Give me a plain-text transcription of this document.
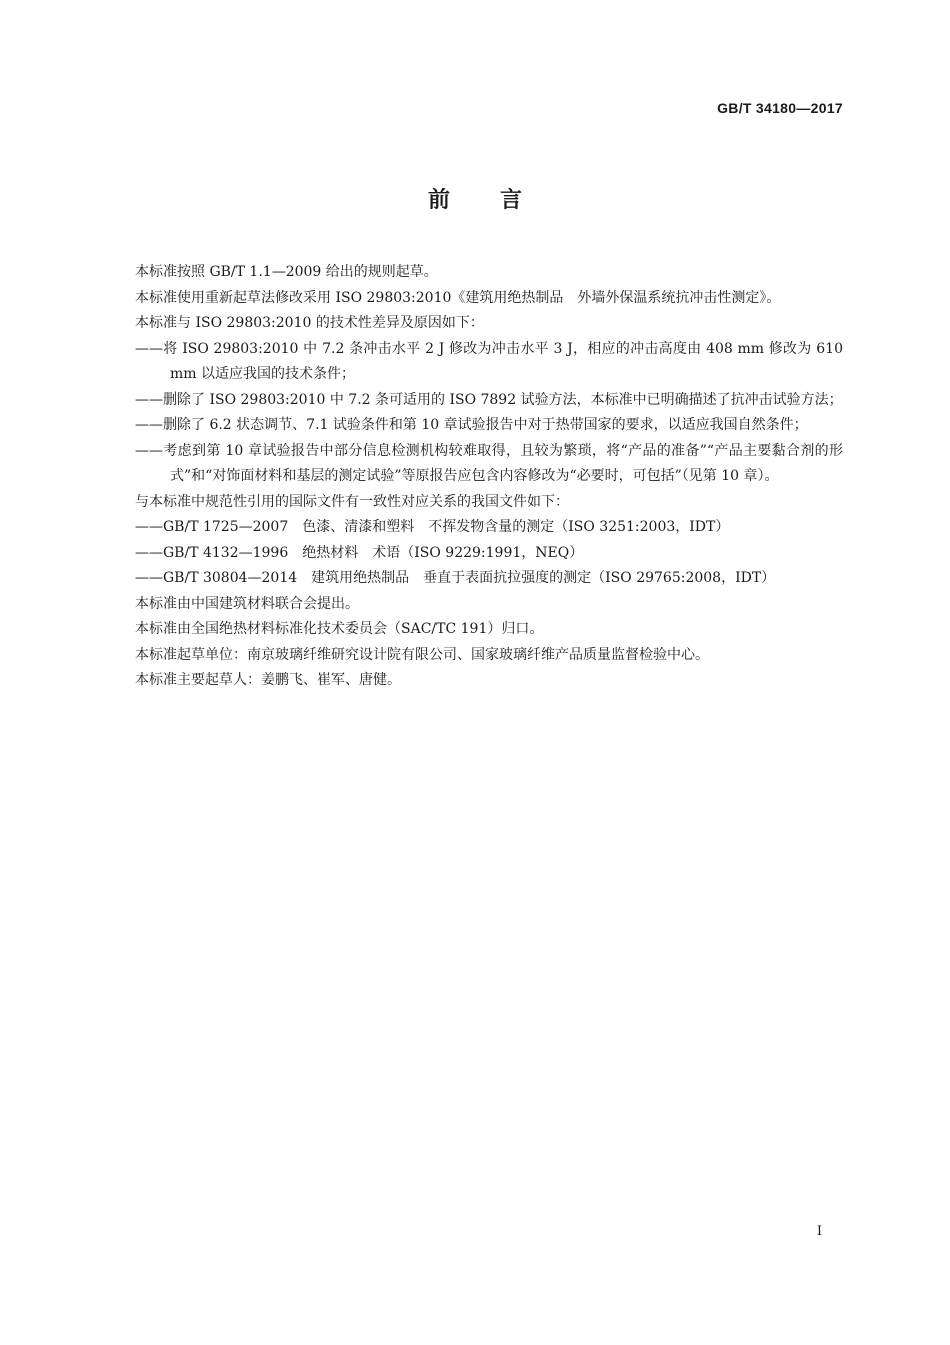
GB/T 34180—2017
前言

本标准按照 GB/T 1.1—2009 给出的规则起草。

本标准使用重新起草法修改采用 ISO 29803:2010《建筑用绝热制品　外墙外保温系统抗冲击性测定》。

本标准与 ISO 29803:2010 的技术性差异及原因如下：

——将 ISO 29803:2010 中 7.2 条冲击水平 2 J 修改为冲击水平 3 J，相应的冲击高度由 408 mm 修改为 610 mm 以适应我国的技术条件；

——删除了 ISO 29803:2010 中 7.2 条可适用的 ISO 7892 试验方法，本标准中已明确描述了抗冲击试验方法；

——删除了 6.2 状态调节、7.1 试验条件和第 10 章试验报告中对于热带国家的要求，以适应我国自然条件；

——考虑到第 10 章试验报告中部分信息检测机构较难取得，且较为繁琐，将“产品的准备”“产品主要黏合剂的形式”和“对饰面材料和基层的测定试验”等原报告应包含内容修改为“必要时，可包括”（见第 10 章）。

与本标准中规范性引用的国际文件有一致性对应关系的我国文件如下：

——GB/T 1725—2007　色漆、清漆和塑料　不挥发物含量的测定（ISO 3251:2003，IDT）

——GB/T 4132—1996　绝热材料　术语（ISO 9229:1991，NEQ）

——GB/T 30804—2014　建筑用绝热制品　垂直于表面抗拉强度的测定（ISO 29765:2008，IDT）

本标准由中国建筑材料联合会提出。

本标准由全国绝热材料标准化技术委员会（SAC/TC 191）归口。

本标准起草单位：南京玻璃纤维研究设计院有限公司、国家玻璃纤维产品质量监督检验中心。

本标准主要起草人：姜鹏飞、崔军、唐健。

I
